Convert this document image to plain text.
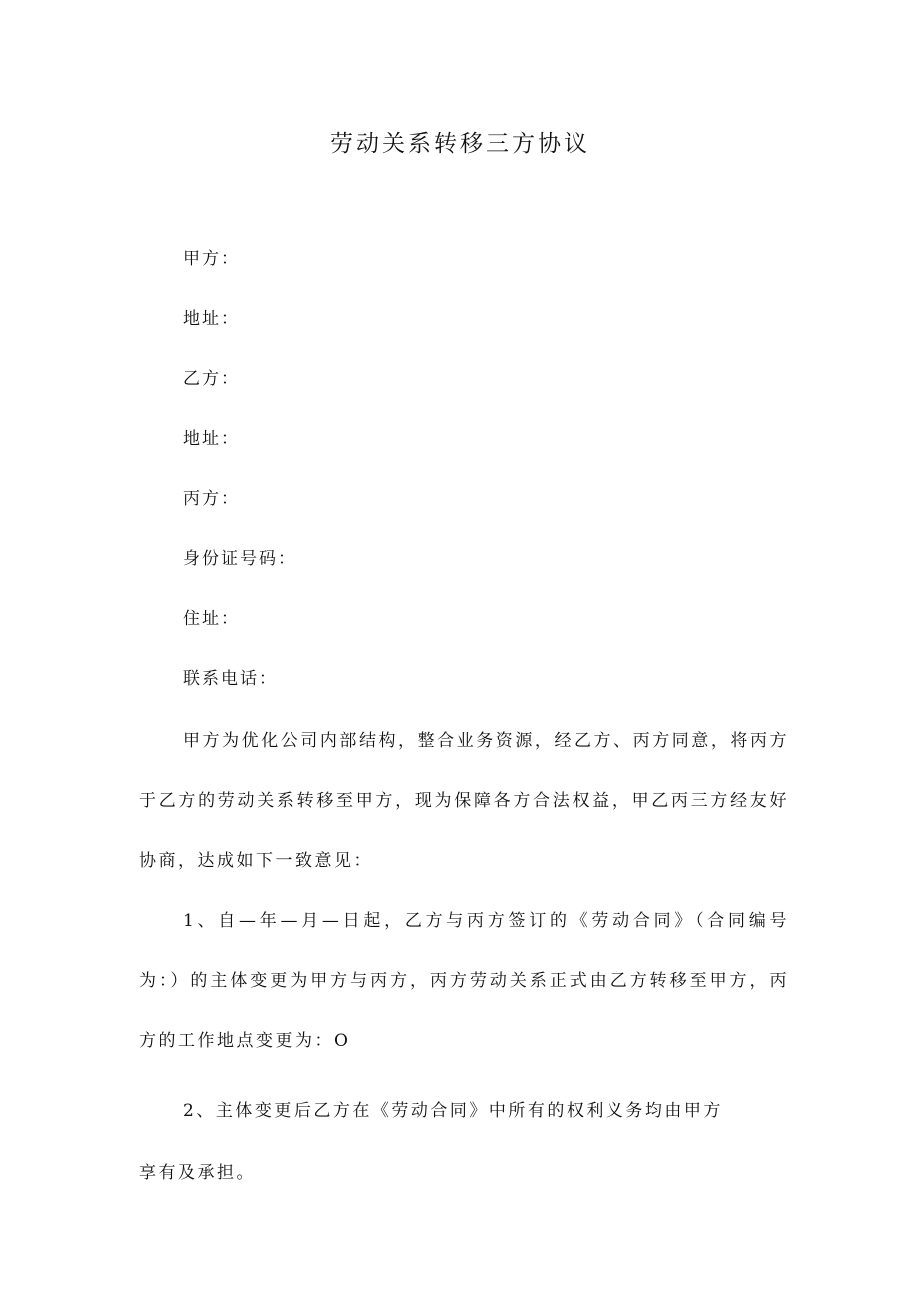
劳动关系转移三方协议
甲方：
地址：
乙方：
地址：
丙方：
身份证号码：
住址：
联系电话：
甲方为优化公司内部结构，整合业务资源，经乙方、丙方同意，将丙方于乙方的劳动关系转移至甲方，现为保障各方合法权益，甲乙丙三方经友好协商，达成如下一致意见：
1、自—年—月—日起，乙方与丙方签订的《劳动合同》（合同编号为：）的主体变更为甲方与丙方，丙方劳动关系正式由乙方转移至甲方，丙方的工作地点变更为：O
2、主体变更后乙方在《劳动合同》中所有的权利义务均由甲方
享有及承担。
